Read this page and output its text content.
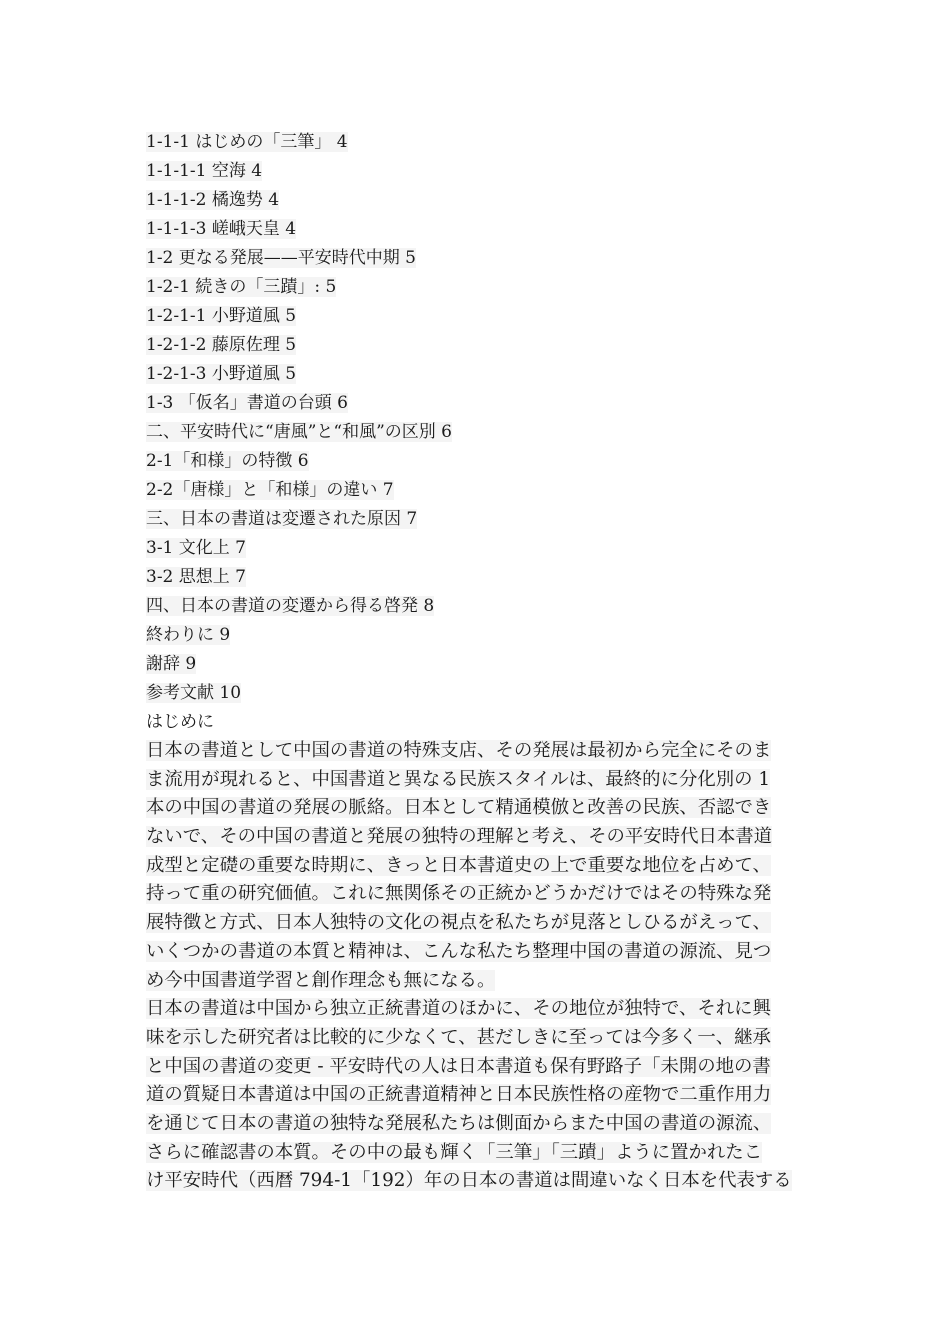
1-1-1 はじめの「三筆」 4
1-1-1-1 空海 4
1-1-1-2 橘逸势 4
1-1-1-3 嵯峨天皇 4
1-2 更なる発展——平安時代中期 5
1-2-1 続きの「三蹟」: 5
1-2-1-1 小野道風 5
1-2-1-2 藤原佐理 5
1-2-1-3 小野道風 5
1-3 「仮名」書道の台頭 6
二、平安時代に“唐風”と“和風”の区別 6
2-1「和様」の特徴 6
2-2「唐様」と「和様」の違い 7
三、日本の書道は変遷された原因 7
3-1 文化上 7
3-2 思想上 7
四、日本の書道の変遷から得る啓発 8
終わりに 9
謝辞 9
参考文献 10
はじめに
日本の書道として中国の書道の特殊支店、その発展は最初から完全にそのま
ま流用が現れると、中国書道と異なる民族スタイルは、最終的に分化別の 1
本の中国の書道の発展の脈絡。日本として精通模倣と改善の民族、否認でき
ないで、その中国の書道と発展の独特の理解と考え、その平安時代日本書道
成型と定礎の重要な時期に、きっと日本書道史の上で重要な地位を占めて、
持って重の研究価値。これに無関係その正統かどうかだけではその特殊な発
展特徴と方式、日本人独特の文化の視点を私たちが見落としひるがえって、
いくつかの書道の本質と精神は、こんな私たち整理中国の書道の源流、見つ
め今中国書道学習と創作理念も無になる。
日本の書道は中国から独立正統書道のほかに、その地位が独特で、それに興
味を示した研究者は比較的に少なくて、甚だしきに至っては今多く一、継承
と中国の書道の変更 - 平安時代の人は日本書道も保有野路子「未開の地の書
道の質疑日本書道は中国の正統書道精神と日本民族性格の産物で二重作用力
を通じて日本の書道の独特な発展私たちは側面からまた中国の書道の源流、
さらに確認書の本質。その中の最も輝く「三筆」「三蹟」ように置かれたこ
け平安時代（西暦 794-1「192）年の日本の書道は間違いなく日本を代表する
